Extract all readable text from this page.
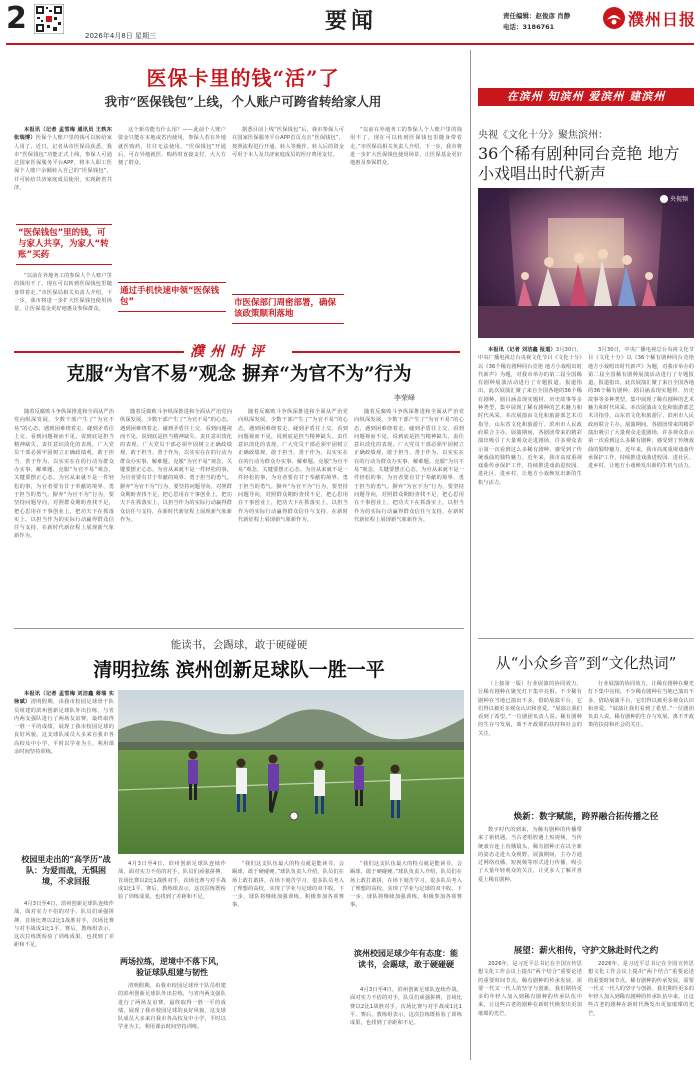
2	要闻
2026年4月8日 星期三
责任编辑：赵俊彦 肖静
电话：3186761	濮州日报
医保卡里的钱“活”了
我市“医保钱包”上线，个人账户可跨省转给家人用

本报讯（记者 孟雪梅 通讯员 王轶东 张瑞博）医保个人账户里的钱可以转给家人用了。近日，记者从市医保局获悉，我市“医保钱包”功能正式上线，参保人可通过国家医保服务平台APP，将本人职工医保个人账户余额转入自己的“医保钱包”，并可转给共济家庭成员使用，实现跨省共济。

“医保钱包”里的钱，可与家人共享，为家人“转账”买药

“以前在外地务工的参保人个人账户里的钱用不了，现在可以转到医保钱包里随身带着走。”市医保局相关负责人介绍，下一步，我市将进一步扩大医保钱包使用场景，让医保基金更好地惠及参保群众。

这个新功能有什么用？——此前个人账户资金只能在本地或省内使用，参保人若在外地就医购药，往往无法使用。“医保钱包”开通后，可在异地就医、购药时直接支付，大大方便了群众。

通过手机快速申领“医保钱包”

据悉目前上线“医保钱包”后，我市参保人可在国家医保服务平台APP首页点击“医保钱包”，按照流程进行开通、转入等操作。转入后的资金可用于本人及共济家庭成员的医疗费用支付。

市医保部门周密部署，确保该政策顺利落地

“以前在外地务工的参保人个人账户里的钱用不了，现在可以转到医保钱包里随身带着走。”市医保局相关负责人介绍，下一步，我市将进一步扩大医保钱包使用场景，让医保基金更好地惠及参保群众。

濮州时评
克服“为官不易”观念 摒弃“为官不为”行为
李荣峰

随着反腐败斗争纵深推进和全面从严治党向纵深发展，少数干部产生了“为官不易”的心态，遇到困难绕着走、碰到矛盾往上交、看到问题视而不见，说到底是担当精神缺失、责任意识淡化的表现。广大党员干部必须牢固树立正确政绩观，敢于担当、善于作为，以实实在在的行动为群众办实事、解难题。克服“为官不易”观念，关键要摆正心态。为官从来就不是一件轻松的事，为官者要有甘于奉献的境界、勇于担当的勇气。摒弃“为官不为”行为，要坚持问题导向，对照群众期盼查找不足，把心思用在干事创业上，把功夫下在抓落实上，以担当作为的实际行动赢得群众信任与支持，在新时代新征程上展现新气象新作为。

随着反腐败斗争纵深推进和全面从严治党向纵深发展，少数干部产生了“为官不易”的心态，遇到困难绕着走、碰到矛盾往上交、看到问题视而不见，说到底是担当精神缺失、责任意识淡化的表现。广大党员干部必须牢固树立正确政绩观，敢于担当、善于作为，以实实在在的行动为群众办实事、解难题。克服“为官不易”观念，关键要摆正心态。为官从来就不是一件轻松的事，为官者要有甘于奉献的境界、勇于担当的勇气。摒弃“为官不为”行为，要坚持问题导向，对照群众期盼查找不足，把心思用在干事创业上，把功夫下在抓落实上，以担当作为的实际行动赢得群众信任与支持，在新时代新征程上展现新气象新作为。

随着反腐败斗争纵深推进和全面从严治党向纵深发展，少数干部产生了“为官不易”的心态，遇到困难绕着走、碰到矛盾往上交、看到问题视而不见，说到底是担当精神缺失、责任意识淡化的表现。广大党员干部必须牢固树立正确政绩观，敢于担当、善于作为，以实实在在的行动为群众办实事、解难题。克服“为官不易”观念，关键要摆正心态。为官从来就不是一件轻松的事，为官者要有甘于奉献的境界、勇于担当的勇气。摒弃“为官不为”行为，要坚持问题导向，对照群众期盼查找不足，把心思用在干事创业上，把功夫下在抓落实上，以担当作为的实际行动赢得群众信任与支持，在新时代新征程上展现新气象新作为。

随着反腐败斗争纵深推进和全面从严治党向纵深发展，少数干部产生了“为官不易”的心态，遇到困难绕着走、碰到矛盾往上交、看到问题视而不见，说到底是担当精神缺失、责任意识淡化的表现。广大党员干部必须牢固树立正确政绩观，敢于担当、善于作为，以实实在在的行动为群众办实事、解难题。克服“为官不易”观念，关键要摆正心态。为官从来就不是一件轻松的事，为官者要有甘于奉献的境界、勇于担当的勇气。摒弃“为官不为”行为，要坚持问题导向，对照群众期盼查找不足，把心思用在干事创业上，把功夫下在抓落实上，以担当作为的实际行动赢得群众信任与支持，在新时代新征程上展现新气象新作为。

能读书，会踢球，敢于硬碰硬
清明拉练 滨州创新足球队一胜一平

本报讯（记者 孟雪梅 刘洁鑫 蒋瑞 实 徐斌）清明假期，由我市校园足球骨干队员组建的滨州创新足球队外出拉练，与省内两支强队进行了两场友谊赛，最终取得一胜一平的成绩，展现了我市校园足球的良好风貌。这支球队成员大多来自我市各高校及中小学，平时以学业为主，利用课余时间坚持训练。

校园里走出的“高学历”战队：为爱而战，无惧困境，不求回报

4月3日至4日，滨州创新足球队连续作战，面对实力不俗的对手，队员们顽强拼搏，首场比赛以2比1战胜对手，次场比赛与对手战成1比1平。赛后，教练组表示，这次拉练既检验了训练成果，也找到了差距和不足。

4月3日至4日，滨州创新足球队连续作战，面对实力不俗的对手，队员们顽强拼搏，首场比赛以2比1战胜对手，次场比赛与对手战成1比1平。赛后，教练组表示，这次拉练既检验了训练成果，也找到了差距和不足。

两场拉练，逆境中不落下风，验证球队组建与韧性

清明假期，由我市校园足球骨干队员组建的滨州创新足球队外出拉练，与省内两支强队进行了两场友谊赛，最终取得一胜一平的成绩，展现了我市校园足球的良好风貌。这支球队成员大多来自我市各高校及中小学，平时以学业为主，利用课余时间坚持训练。

“我们这支队伍最大的特点就是能读书，会踢球，敢于硬碰硬。”球队负责人介绍，队员们在场上敢打敢拼，在场下刻苦学习，很多队员考入了理想的高校，实现了学业与足球的双丰收。下一步，球队将继续加强训练，积极参加各项赛事。

“我们这支队伍最大的特点就是能读书，会踢球，敢于硬碰硬。”球队负责人介绍，队员们在场上敢打敢拼，在场下刻苦学习，很多队员考入了理想的高校，实现了学业与足球的双丰收。下一步，球队将继续加强训练，积极参加各项赛事。

滨州校园足球少年有态度：能读书，会踢球，敢于硬碰硬

4月3日至4日，滨州创新足球队连续作战，面对实力不俗的对手，队员们顽强拼搏，首场比赛以2比1战胜对手，次场比赛与对手战成1比1平。赛后，教练组表示，这次拉练既检验了训练成果，也找到了差距和不足。

在滨州 知滨州 爱滨州 建滨州
央视《文化十分》聚焦滨州：
36个稀有剧种同台竞艳 地方小戏唱出时代新声
央视频

本报讯（记者 刘洁鑫 报道）3月30日，中央广播电视总台央视文化节目《文化十分》以《36个稀有剧种同台竞艳 地方小戏唱出时代新声》为题，对我市举办的第二届全国稀有剧种展演活动进行了专题报道。报道指出，此次展演汇聚了来自全国各地的36个稀有剧种，剧目涵盖现实题材、历史故事等多种类型，集中展现了稀有剧种的艺术魅力和时代风采。本次展演由文化和旅游部艺术司指导，山东省文化和旅游厅、滨州市人民政府联合主办。展演期间，各剧团带来的精彩演出吸引了大量观众走进剧场，许多观众表示第一次看到这么多稀有剧种，感受到了传统戏曲的独特魅力。近年来，我市高度重视戏曲传承保护工作，持续推进戏曲进校园、进社区、进乡村，让地方小戏焕发出新的生机与活力。

3月30日，中央广播电视总台央视文化节目《文化十分》以《36个稀有剧种同台竞艳 地方小戏唱出时代新声》为题，对我市举办的第二届全国稀有剧种展演活动进行了专题报道。报道指出，此次展演汇聚了来自全国各地的36个稀有剧种，剧目涵盖现实题材、历史故事等多种类型，集中展现了稀有剧种的艺术魅力和时代风采。本次展演由文化和旅游部艺术司指导，山东省文化和旅游厅、滨州市人民政府联合主办。展演期间，各剧团带来的精彩演出吸引了大量观众走进剧场，许多观众表示第一次看到这么多稀有剧种，感受到了传统戏曲的独特魅力。近年来，我市高度重视戏曲传承保护工作，持续推进戏曲进校园、进社区、进乡村，让地方小戏焕发出新的生机与活力。

从“小众乡音”到“文化热词”

（上接第一版）行业展演的协同效力，让稀有剧种在聚光灯下集中亮相。不少稀有剧种在当地已演出不多，借助展演平台，它们得以被更多观众认识和喜爱。“展演让我们看到了希望。”一位剧团负责人说。稀有剧种的生存与发展，离不开政策的扶持和社会的关注。

焕新：数字赋能，跨界融合拓传播之径

数字时代的到来，为稀有剧种的传播带来了新机遇。当古老唱腔遇上短视频，当传统戏台连上直播镜头，稀有剧种正在以全新的姿态走进大众视野。展演期间，主办方通过网络直播、短视频等形式进行传播，吸引了大量年轻观众的关注，让更多人了解并喜爱上稀有剧种。

行业展演的协同效力，让稀有剧种在聚光灯下集中亮相。不少稀有剧种在当地已演出不多，借助展演平台，它们得以被更多观众认识和喜爱。“展演让我们看到了希望。”一位剧团负责人说。稀有剧种的生存与发展，离不开政策的扶持和社会的关注。

展望：薪火相传，守护文脉赴时代之约

2026年，是习近平总书记在全国宣传思想文化工作会议上提出“两个结合”重要论述的重要时间节点。稀有剧种的传承发展，需要一代又一代人的坚守与创新。我们期待更多的年轻人加入到稀有剧种的传承队伍中来，让这些古老的剧种在新时代焕发出更加璀璨的光芒。

2026年，是习近平总书记在全国宣传思想文化工作会议上提出“两个结合”重要论述的重要时间节点。稀有剧种的传承发展，需要一代又一代人的坚守与创新。我们期待更多的年轻人加入到稀有剧种的传承队伍中来，让这些古老的剧种在新时代焕发出更加璀璨的光芒。
